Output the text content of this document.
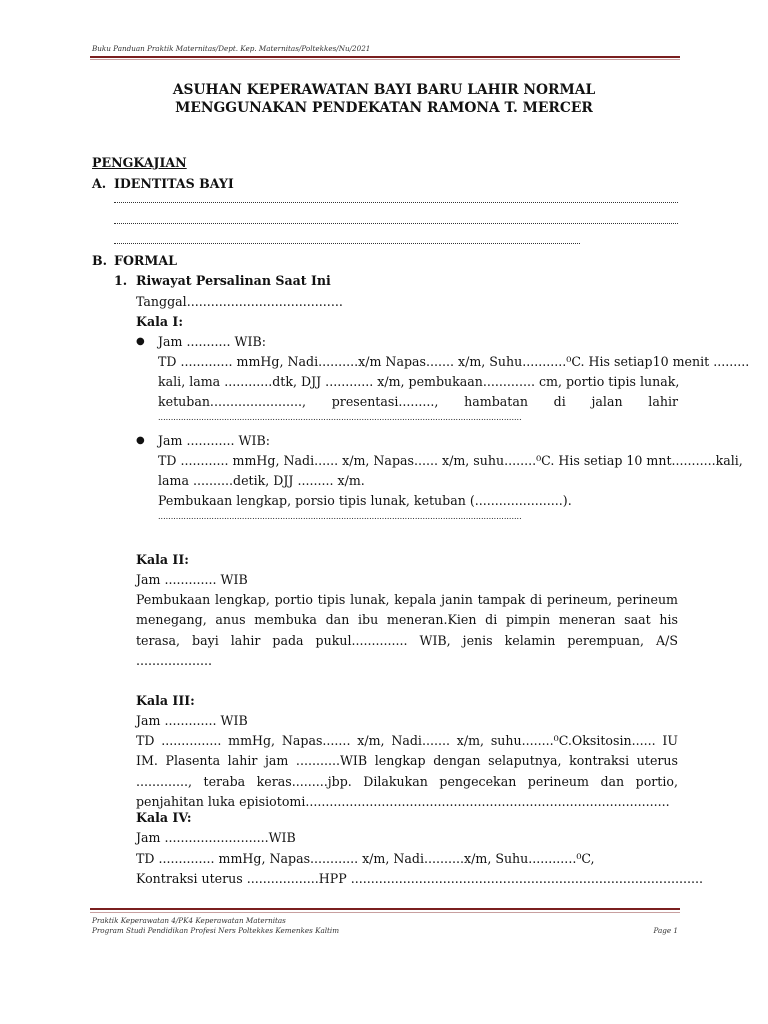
Buku Panduan Praktik Maternitas/Dept. Kep. Maternitas/Poltekkes/Nu/2021
ASUHAN KEPERAWATAN BAYI BARU LAHIR NORMAL
MENGGUNAKAN PENDEKATAN RAMONA T. MERCER
PENGKAJIAN
A. IDENTITAS BAYI
B. FORMAL
1. Riwayat Persalinan Saat Ini
Tanggal.......................................
Kala I:
● Jam ........... WIB:
TD ............. mmHg, Nadi..........x/m Napas....... x/m, Suhu...........⁰C. His setiap10 menit .........
kali, lama ............dtk, DJJ ............ x/m, pembukaan............. cm, portio tipis lunak,
ketuban......................., presentasi........., hambatan di jalan lahir
...............................................................................................................................................
● Jam ............ WIB:
TD ............ mmHg, Nadi...... x/m, Napas...... x/m, suhu........⁰C. His setiap 10 mnt...........kali,
lama ..........detik, DJJ ......... x/m.
Pembukaan lengkap, porsio tipis lunak, ketuban (......................).
...............................................................................................................................................
Kala II:
Jam ............. WIB
Pembukaan lengkap, portio tipis lunak, kepala janin tampak di perineum, perineum menegang, anus membuka dan ibu meneran.Kien di pimpin meneran saat his terasa, bayi lahir pada pukul.............. WIB, jenis kelamin perempuan, A/S ...................
Kala III:
Jam ............. WIB
TD ............... mmHg, Napas....... x/m, Nadi....... x/m, suhu........⁰C.Oksitosin...... IU IM. Plasenta lahir jam ...........WIB lengkap dengan selaputnya, kontraksi uterus ............., teraba keras.........jbp. Dilakukan pengecekan perineum dan portio, penjahitan luka episiotomi...........................................................................................
Kala IV:
Jam ..........................WIB
TD .............. mmHg, Napas............ x/m, Nadi..........x/m, Suhu............⁰C,
Kontraksi uterus ..................HPP ........................................................................................
Praktik Keperawatan 4/PK4 Keperawatan Maternitas
Program Studi Pendidikan Profesi Ners Poltekkes Kemenkes Kaltim	Page 1
